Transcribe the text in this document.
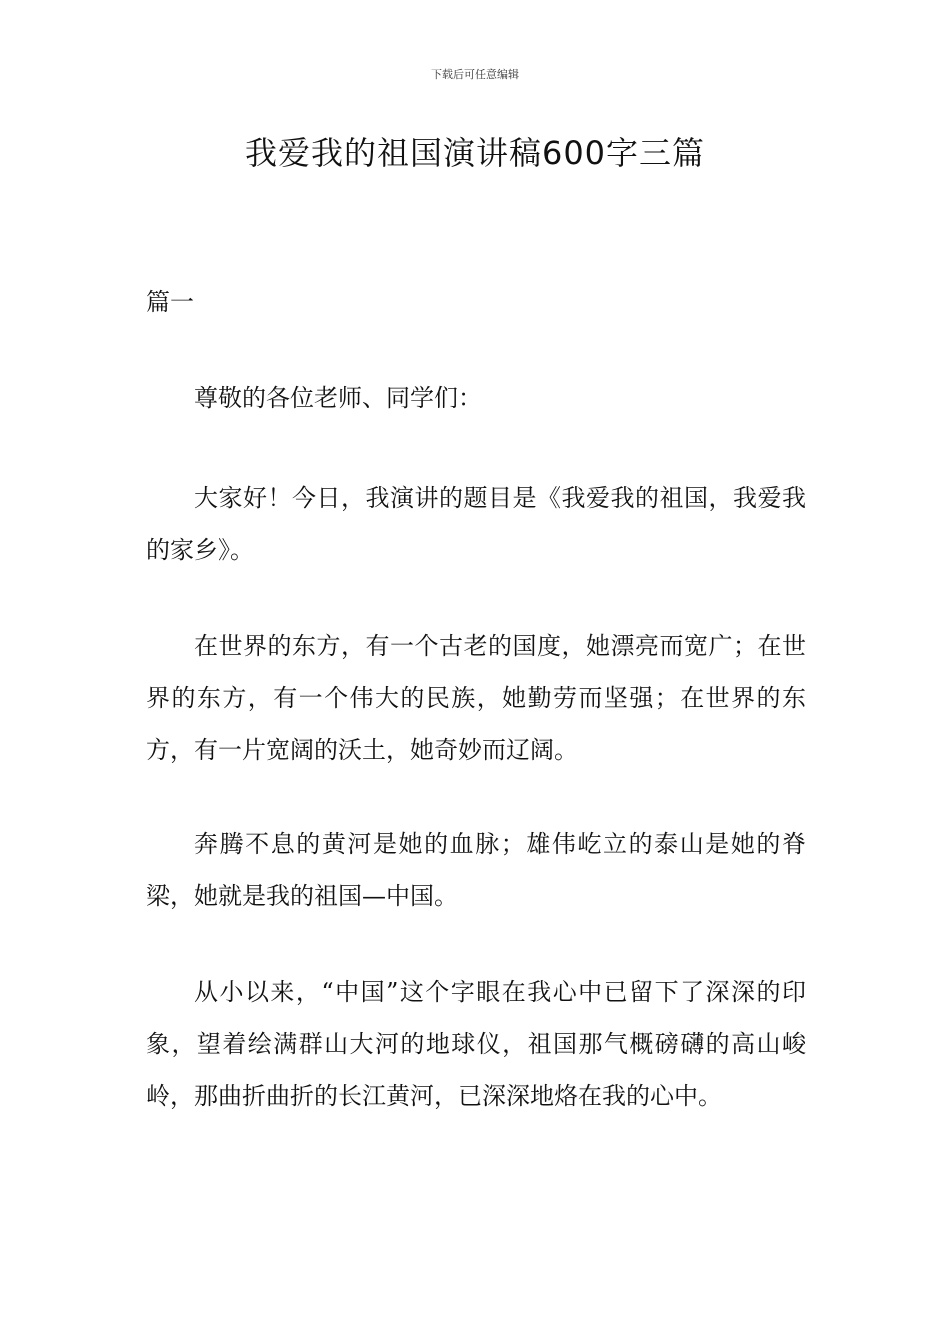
下载后可任意编辑
我爱我的祖国演讲稿600字三篇
篇一

尊敬的各位老师、同学们：

大家好！今日，我演讲的题目是《我爱我的祖国，我爱我的家乡》。

在世界的东方，有一个古老的国度，她漂亮而宽广；在世界的东方，有一个伟大的民族，她勤劳而坚强；在世界的东方，有一片宽阔的沃土，她奇妙而辽阔。

奔腾不息的黄河是她的血脉；雄伟屹立的泰山是她的脊梁，她就是我的祖国—中国。

从小以来，“中国”这个字眼在我心中已留下了深深的印象，望着绘满群山大河的地球仪，祖国那气概磅礴的高山峻岭，那曲折曲折的长江黄河，已深深地烙在我的心中。
